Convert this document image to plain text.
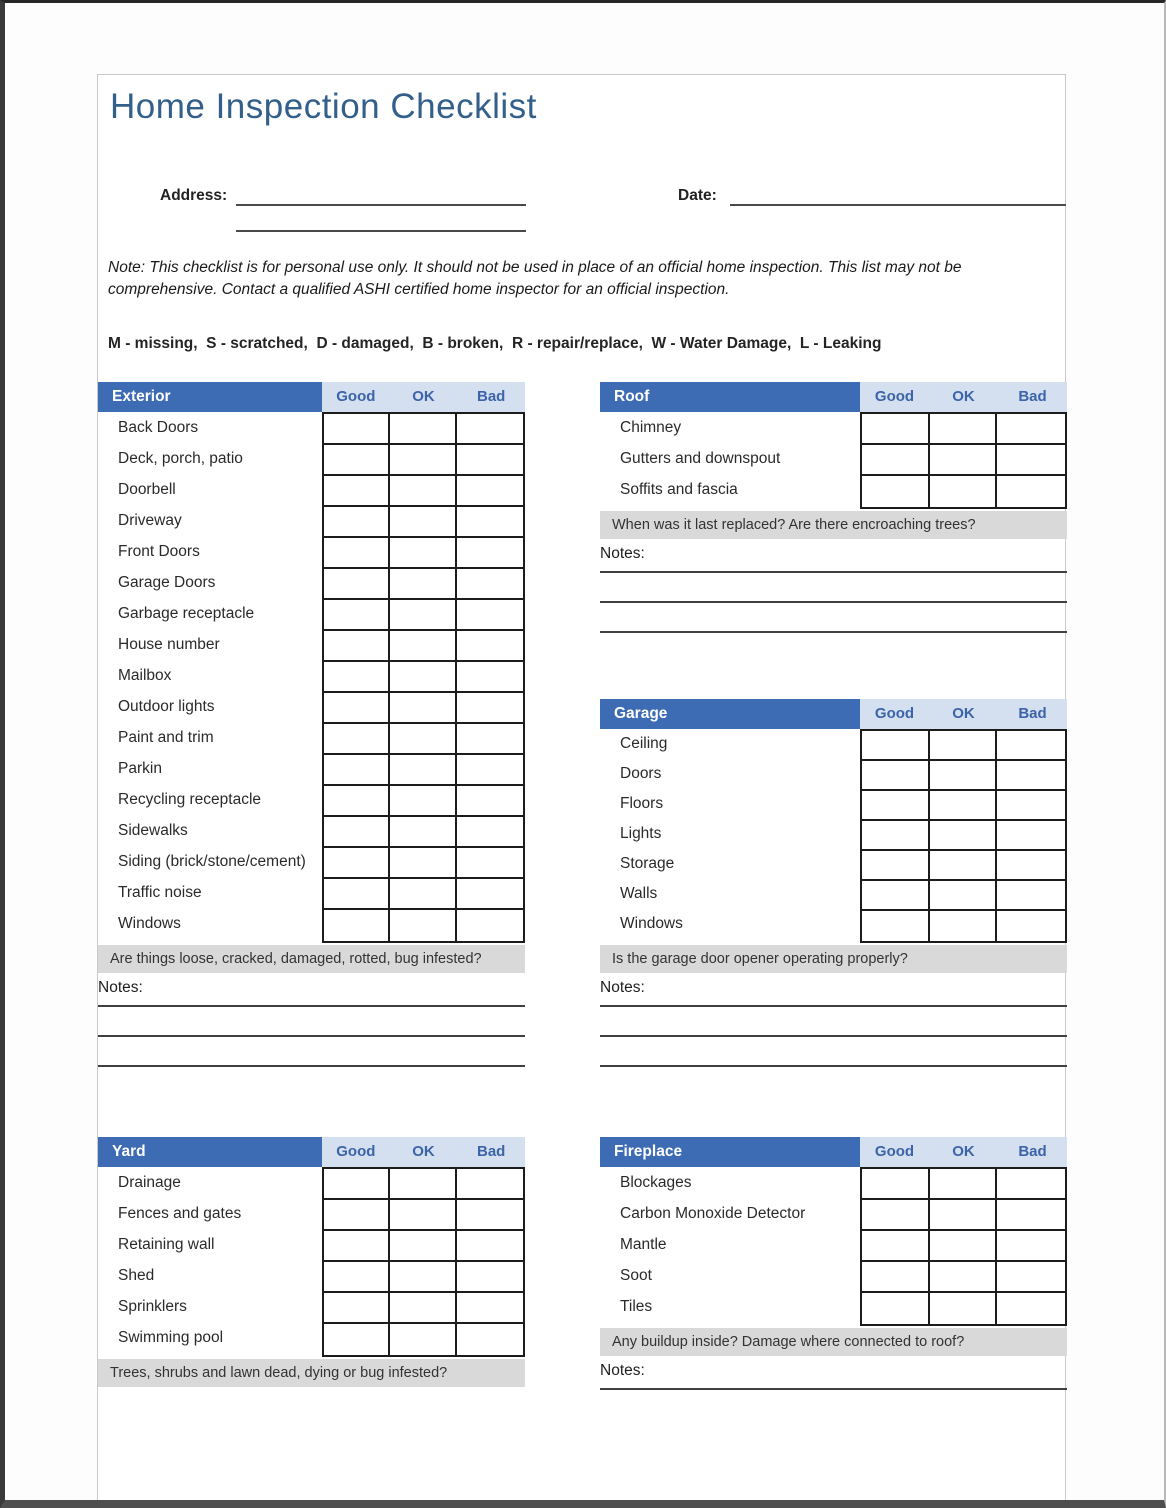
Home Inspection Checklist
Address:	Date:

Note: This checklist is for personal use only. It should not be used in place of an official home inspection. This list may not be comprehensive. Contact a qualified ASHI certified home inspector for an official inspection.

M - missing,  S - scratched,  D - damaged,  B - broken,  R - repair/replace,  W - Water Damage,  L - Leaking

Exterior	Good	OK	Bad
Back Doors
Deck, porch, patio
Doorbell
Driveway
Front Doors
Garage Doors
Garbage receptacle
House number
Mailbox
Outdoor lights
Paint and trim
Parkin
Recycling receptacle
Sidewalks
Siding (brick/stone/cement)
Traffic noise
Windows
Are things loose, cracked, damaged, rotted, bug infested?
Notes:
Roof	Good	OK	Bad
Chimney
Gutters and downspout
Soffits and fascia
When was it last replaced? Are there encroaching trees?
Notes:
Garage	Good	OK	Bad
Ceiling
Doors
Floors
Lights
Storage
Walls
Windows
Is the garage door opener operating properly?
Notes:
Yard	Good	OK	Bad
Drainage
Fences and gates
Retaining wall
Shed
Sprinklers
Swimming pool
Trees, shrubs and lawn dead, dying or bug infested?
Fireplace	Good	OK	Bad
Blockages
Carbon Monoxide Detector
Mantle
Soot
Tiles
Any buildup inside? Damage where connected to roof?
Notes:
